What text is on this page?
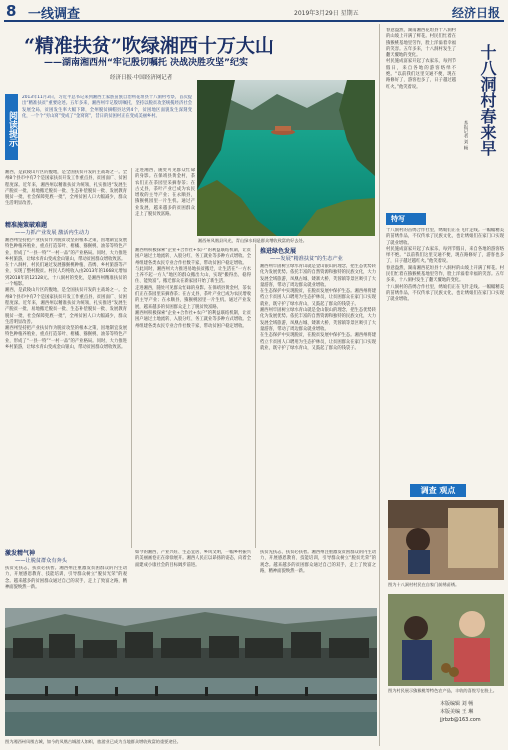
8 一线调查	2019年3月29日 星期五	经济日报
“精准扶贫”吹绿湘西十万大山
——湖南湘西州“牢记殷切嘱托 决战决胜攻坚”纪实
经济日报·中国经济网记者
阅读提示
2013年11月3日，习近平总书记来到湘西土家族苗族自治州花垣县十八洞村考察，首次提出“精准扶贫”重要论述。五年多来，湘西州牢记殷切嘱托，坚持以脱贫攻坚统揽经济社会发展全局，贫困发生率大幅下降，全州脱贫摘帽县达到4个，贫困地区面貌发生深刻变化，一个个“穷山窝”变成了“金窝窝”，昔日的贫困村正在变成美丽乡村。
湘西州凤凰县风光，青山绿水间是群众增收致富的好去处。

湘西，是武陵山片区的腹地，是全国扶贫开发的主战场之一。全州8个县市中有7个是国家扶贫开发工作重点县，贫困面广、贫困程度深。近年来，湘西州以精准扶贫为统领，扎实推进“发展生产脱贫一批、易地搬迁脱贫一批、生态补偿脱贫一批、发展教育脱贫一批、社会保障兜底一批”，全州贫困人口大幅减少，群众生活明显改善。

精准施策破难题
——力抓产业发展 激活内生动力

湘西州坚持把产业扶贫作为脱贫攻坚的根本之策，因地制宜发展特色种植养殖业，重点打造茶叶、柑橘、猕猴桃、油茶等特色产业，形成了“一县一特”“一村一品”的产业格局。同时，大力推进乡村旅游，让绿水青山变成金山银山，带动贫困群众增收致富。

在十八洞村，村民们通过发展猕猴桃种植、苗绣、乡村旅游等产业，实现了整村脱贫。村民人均纯收入由2013年的1668元增加到2018年的12128元。十八洞村的变化，是湘西州精准扶贫的一个缩影。

湘西，是武陵山片区的腹地，是全国扶贫开发的主战场之一。全州8个县市中有7个是国家扶贫开发工作重点县，贫困面广、贫困程度深。近年来，湘西州以精准扶贫为统领，扎实推进“发展生产脱贫一批、易地搬迁脱贫一批、生态补偿脱贫一批、发展教育脱贫一批、社会保障兜底一批”，全州贫困人口大幅减少，群众生活明显改善。

湘西州坚持把产业扶贫作为脱贫攻坚的根本之策，因地制宜发展特色种植养殖业，重点打造茶叶、柑橘、猕猴桃、油茶等特色产业，形成了“一县一特”“一村一品”的产业格局。同时，大力推进乡村旅游，让绿水青山变成金山银山，带动贫困群众增收致富。

走进湘西，随处可见群众忙碌的身影。在保靖县黄金村，茶农们正在茶园里采摘春茶；在古丈县，茶叶产业已成为农民增收的主导产业；在永顺县，猕猴桃园里一片生机。通过产业发展，越来越多的贫困群众走上了脱贫致富路。

湘西州积极探索“企业+合作社+农户”的利益联结机制，让贫困户通过土地流转、入股分红、务工就业等多种方式增收。全州组建各类农民专业合作社数千家，带动贫困户稳定增收。

与此同时，湘西州大力推进易地扶贫搬迁，让生活在“一方水土养不起一方人”地区的群众搬出大山，实现“搬得出、稳得住、能致富”。搬迁群众在新家园开始了新生活。

走进湘西，随处可见群众忙碌的身影。在保靖县黄金村，茶农们正在茶园里采摘春茶；在古丈县，茶叶产业已成为农民增收的主导产业；在永顺县，猕猴桃园里一片生机。通过产业发展，越来越多的贫困群众走上了脱贫致富路。

湘西州积极探索“企业+合作社+农户”的利益联结机制，让贫困户通过土地流转、入股分红、务工就业等多种方式增收。全州组建各类农民专业合作社数千家，带动贫困户稳定增收。

推进绿色发展
——发展“精准扶贫”的生态产业

湘西州牢固树立绿水青山就是金山银山的理念，把生态优势转化为发展优势。依托丰富的自然资源和独特的民族文化，大力发展全域旅游，凤凰古城、矮寨大桥、芙蓉镇等景区吸引了大量游客，带动了周边群众就业增收。

在生态保护中实现脱贫，在脱贫发展中保护生态。湘西州将建档立卡贫困人口聘用为生态护林员，让贫困群众在家门口实现就业，既守护了绿水青山，又鼓起了群众的钱袋子。

湘西州牢固树立绿水青山就是金山银山的理念，把生态优势转化为发展优势。依托丰富的自然资源和独特的民族文化，大力发展全域旅游，凤凰古城、矮寨大桥、芙蓉镇等景区吸引了大量游客，带动了周边群众就业增收。

在生态保护中实现脱贫，在脱贫发展中保护生态。湘西州将建档立卡贫困人口聘用为生态护林员，让贫困群众在家门口实现就业，既守护了绿水青山，又鼓起了群众的钱袋子。

激发精气神
——让脱贫群众有奔头

扶贫先扶志，扶贫必扶智。湘西州注重激发贫困群众的内生动力，开展感恩教育、技能培训，引导群众树立“脱贫光荣”的观念。越来越多的贫困群众通过自己的双手，走上了致富之路，精神面貌焕然一新。

如今的湘西，产业兴旺、生态宜居、乡风文明，一幅乡村振兴的美丽画卷正在徐徐展开。湘西人民正以昂扬的姿态，向着全面建成小康社会的目标阔步前进。

扶贫先扶志，扶贫必扶智。湘西州注重激发贫困群众的内生动力，开展感恩教育、技能培训，引导群众树立“脱贫光荣”的观念。越来越多的贫困群众通过自己的双手，走上了致富之路，精神面貌焕然一新。

图为湘西州凤凰古城，如今的凤凰古城游人如织，旅游业已成为当地群众增收致富的重要途径。

春意盎然，湖南湘西花垣县十八洞村的山坡上开满了鲜花。村民们忙着在猕猴桃基地里劳作，脸上洋溢着幸福的笑容。五年多来，十八洞村发生了翻天覆地的变化。

村民施成富家开起了农家乐，每到节假日，来自各地的游客络绎不绝。“以前我们这里交通不便，现在路修好了，游客也多了，日子越过越红火。”他笑着说。	十八洞村春来早
本报记者 刘 畅
特写

十八洞村的苗绣合作社里，绣娘们正在飞针走线。一幅幅精美的苗绣作品，不仅传承了民族文化，也让绣娘们在家门口实现了就业增收。

村民施成富家开起了农家乐，每到节假日，来自各地的游客络绎不绝。“以前我们这里交通不便，现在路修好了，游客也多了，日子越过越红火。”他笑着说。

春意盎然，湖南湘西花垣县十八洞村的山坡上开满了鲜花。村民们忙着在猕猴桃基地里劳作，脸上洋溢着幸福的笑容。五年多来，十八洞村发生了翻天覆地的变化。

十八洞村的苗绣合作社里，绣娘们正在飞针走线。一幅幅精美的苗绣作品，不仅传承了民族文化，也让绣娘们在家门口实现了就业增收。

调查 观点
图为十八洞村村民在自家门前绣苗绣。
图为村民展示猕猴桃等特色农产品，丰收的喜悦写在脸上。
本版编辑 刘 畅
本版美编 王 琳
jjrbzb@163.com
